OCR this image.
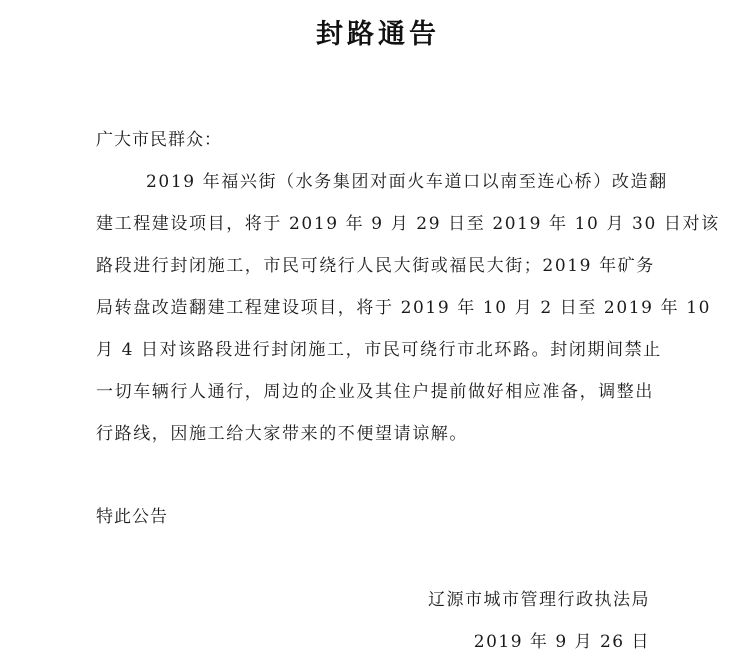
封路通告
广大市民群众：
2019 年福兴街（水务集团对面火车道口以南至连心桥）改造翻
建工程建设项目，将于 2019 年 9 月 29 日至 2019 年 10 月 30 日对该
路段进行封闭施工，市民可绕行人民大街或福民大街；2019 年矿务
局转盘改造翻建工程建设项目，将于 2019 年 10 月 2 日至 2019 年 10
月 4 日对该路段进行封闭施工，市民可绕行市北环路。封闭期间禁止
一切车辆行人通行，周边的企业及其住户提前做好相应准备，调整出
行路线，因施工给大家带来的不便望请谅解。
特此公告
辽源市城市管理行政执法局
2019 年 9 月 26 日
